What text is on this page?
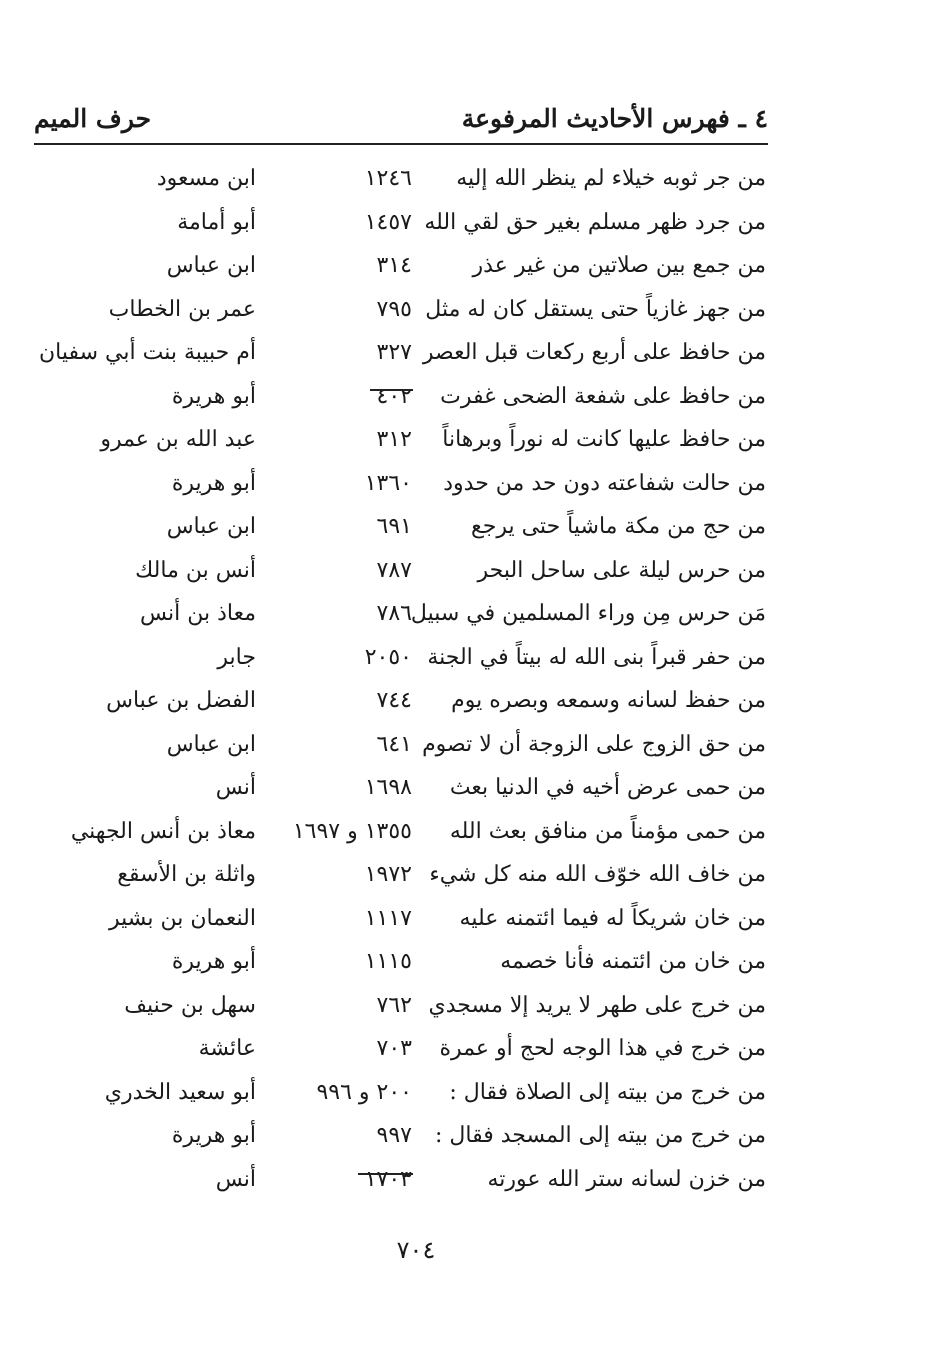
٤ ـ فهرس الأحاديث المرفوعة
حرف الميم
من جر ثوبه خيلاء لم ينظر الله إليه
١٢٤٦
ابن مسعود
من جرد ظهر مسلم بغير حق لقي الله
١٤٥٧
أبو أمامة
من جمع بين صلاتين من غير عذر
٣١٤
ابن عباس
من جهز غازياً حتى يستقل كان له مثل
٧٩٥
عمر بن الخطاب
من حافظ على أربع ركعات قبل العصر
٣٢٧
أم حبيبة بنت أبي سفيان
من حافظ على شفعة الضحى غفرت
٤٠٢
أبو هريرة
من حافظ عليها كانت له نوراً وبرهاناً
٣١٢
عبد الله بن عمرو
من حالت شفاعته دون حد من حدود
١٣٦٠
أبو هريرة
من حج من مكة ماشياً حتى يرجع
٦٩١
ابن عباس
من حرس ليلة على ساحل البحر
٧٨٧
أنس بن مالك
مَن حرس مِن وراء المسلمين في سبيل
٧٨٦
معاذ بن أنس
من حفر قبراً بنى الله له بيتاً في الجنة
٢٠٥٠
جابر
من حفظ لسانه وسمعه وبصره يوم
٧٤٤
الفضل بن عباس
من حق الزوج على الزوجة أن لا تصوم
٦٤١
ابن عباس
من حمى عرض أخيه في الدنيا بعث
١٦٩٨
أنس
من حمى مؤمناً من منافق بعث الله
١٣٥٥ و ١٦٩٧
معاذ بن أنس الجهني
من خاف الله خوّف الله منه كل شيء
١٩٧٢
واثلة بن الأسقع
من خان شريكاً له فيما ائتمنه عليه
١١١٧
النعمان بن بشير
من خان من ائتمنه فأنا خصمه
١١١٥
أبو هريرة
من خرج على طهر لا يريد إلا مسجدي
٧٦٢
سهل بن حنيف
من خرج في هذا الوجه لحج أو عمرة
٧٠٣
عائشة
من خرج من بيته إلى الصلاة فقال :
٢٠٠ و ٩٩٦
أبو سعيد الخدري
من خرج من بيته إلى المسجد فقال :
٩٩٧
أبو هريرة
من خزن لسانه ستر الله عورته
١٧٠٣
أنس
٧٠٤
